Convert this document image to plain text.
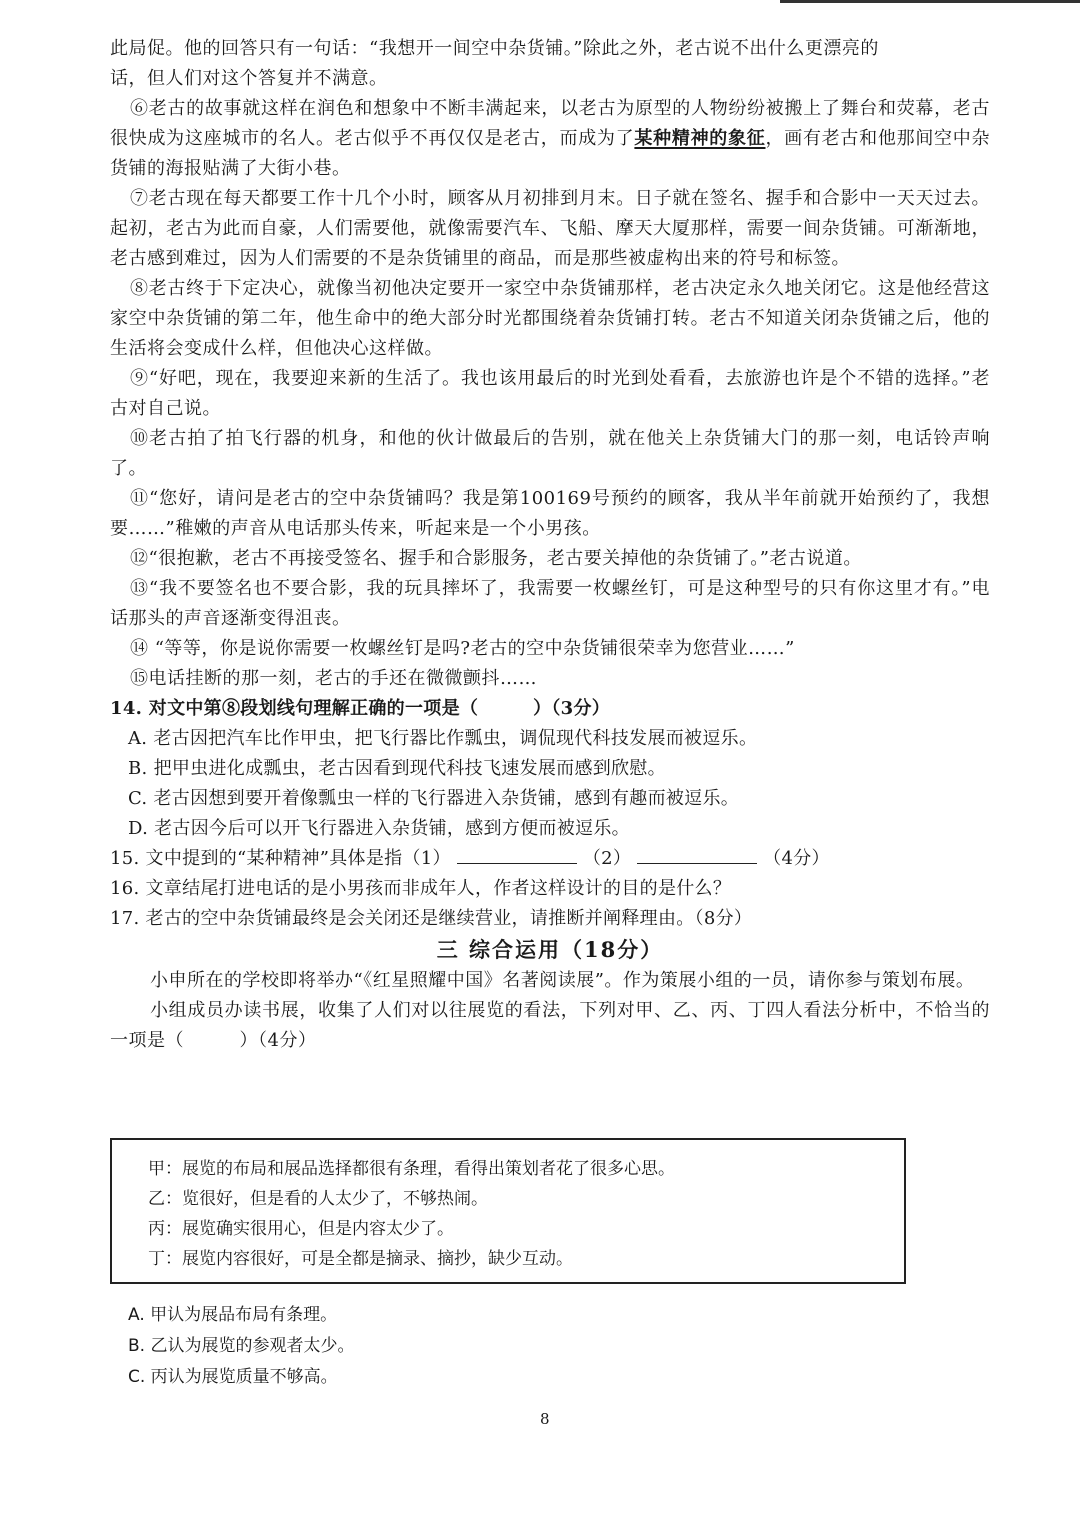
此局促。他的回答只有一句话：“我想开一间空中杂货铺。”除此之外，老古说不出什么更漂亮的

话，但人们对这个答复并不满意。

⑥老古的故事就这样在润色和想象中不断丰满起来，以老古为原型的人物纷纷被搬上了舞台和荧幕，老古很快成为这座城市的名人。老古似乎不再仅仅是老古，而成为了某种精神的象征，画有老古和他那间空中杂货铺的海报贴满了大街小巷。

⑦老古现在每天都要工作十几个小时，顾客从月初排到月末。日子就在签名、握手和合影中一天天过去。起初，老古为此而自豪，人们需要他，就像需要汽车、飞船、摩天大厦那样，需要一间杂货铺。可渐渐地，老古感到难过，因为人们需要的不是杂货铺里的商品，而是那些被虚构出来的符号和标签。

⑧老古终于下定决心，就像当初他决定要开一家空中杂货铺那样，老古决定永久地关闭它。这是他经营这家空中杂货铺的第二年，他生命中的绝大部分时光都围绕着杂货铺打转。老古不知道关闭杂货铺之后，他的生活将会变成什么样，但他决心这样做。

⑨“好吧，现在，我要迎来新的生活了。我也该用最后的时光到处看看，去旅游也许是个不错的选择。”老古对自己说。

⑩老古拍了拍飞行器的机身，和他的伙计做最后的告别，就在他关上杂货铺大门的那一刻，电话铃声响了。

⑪“您好，请问是老古的空中杂货铺吗？我是第100169号预约的顾客，我从半年前就开始预约了，我想要……”稚嫩的声音从电话那头传来，听起来是一个小男孩。

⑫“很抱歉，老古不再接受签名、握手和合影服务，老古要关掉他的杂货铺了。”老古说道。

⑬“我不要签名也不要合影，我的玩具摔坏了，我需要一枚螺丝钉，可是这种型号的只有你这里才有。”电话那头的声音逐渐变得沮丧。

⑭ “等等，你是说你需要一枚螺丝钉是吗?老古的空中杂货铺很荣幸为您营业……”

⑮电话挂断的那一刻，老古的手还在微微颤抖……

14. 对文中第⑧段划线句理解正确的一项是（　　　）（3分）

A. 老古因把汽车比作甲虫，把飞行器比作瓢虫，调侃现代科技发展而被逗乐。

B. 把甲虫进化成瓢虫，老古因看到现代科技飞速发展而感到欣慰。

C. 老古因想到要开着像瓢虫一样的飞行器进入杂货铺，感到有趣而被逗乐。

D. 老古因今后可以开飞行器进入杂货铺，感到方便而被逗乐。

15. 文中提到的“某种精神”具体是指（1）	（2）	（4分）

16. 文章结尾打进电话的是小男孩而非成年人，作者这样设计的目的是什么？

17. 老古的空中杂货铺最终是会关闭还是继续营业，请推断并阐释理由。（8分）

三 综合运用（18分）

小申所在的学校即将举办“《红星照耀中国》名著阅读展”。作为策展小组的一员，请你参与策划布展。

小组成员办读书展，收集了人们对以往展览的看法，下列对甲、乙、丙、丁四人看法分析中，不恰当的一项是（　　　）（4分）

甲：展览的布局和展品选择都很有条理，看得出策划者花了很多心思。

乙：览很好，但是看的人太少了，不够热闹。

丙：展览确实很用心，但是内容太少了。

丁：展览内容很好，可是全都是摘录、摘抄，缺少互动。

A. 甲认为展品布局有条理。

B. 乙认为展览的参观者太少。

C. 丙认为展览质量不够高。

8
